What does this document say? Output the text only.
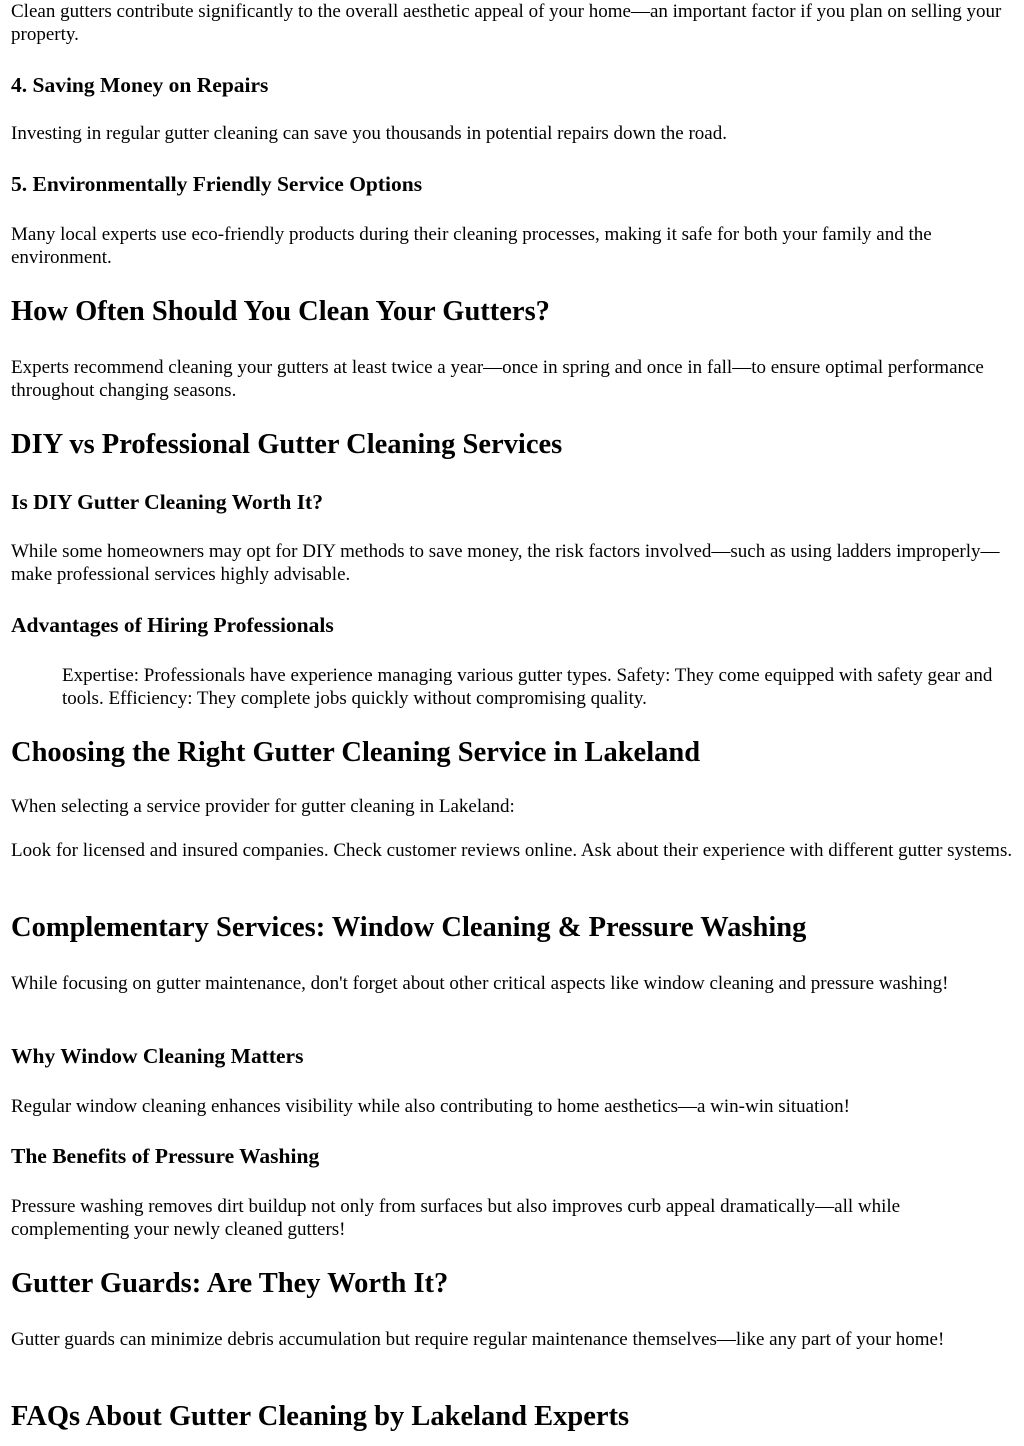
Clean gutters contribute significantly to the overall aesthetic appeal of your home—an important factor if you plan on selling your property.

4. Saving Money on Repairs

Investing in regular gutter cleaning can save you thousands in potential repairs down the road.

5. Environmentally Friendly Service Options

Many local experts use eco-friendly products during their cleaning processes, making it safe for both your family and the environment.

How Often Should You Clean Your Gutters?

Experts recommend cleaning your gutters at least twice a year—once in spring and once in fall—to ensure optimal performance throughout changing seasons.

DIY vs Professional Gutter Cleaning Services
Is DIY Gutter Cleaning Worth It?

While some homeowners may opt for DIY methods to save money, the risk factors involved—such as using ladders improperly—make professional services highly advisable.

Advantages of Hiring Professionals
Expertise: Professionals have experience managing various gutter types. Safety: They come equipped with safety gear and tools. Efficiency: They complete jobs quickly without compromising quality.
Choosing the Right Gutter Cleaning Service in Lakeland

When selecting a service provider for gutter cleaning in Lakeland:

Look for licensed and insured companies. Check customer reviews online. Ask about their experience with different gutter systems.

Complementary Services: Window Cleaning & Pressure Washing

While focusing on gutter maintenance, don't forget about other critical aspects like window cleaning and pressure washing!

Why Window Cleaning Matters

Regular window cleaning enhances visibility while also contributing to home aesthetics—a win-win situation!

The Benefits of Pressure Washing

Pressure washing removes dirt buildup not only from surfaces but also improves curb appeal dramatically—all while complementing your newly cleaned gutters!

Gutter Guards: Are They Worth It?

Gutter guards can minimize debris accumulation but require regular maintenance themselves—like any part of your home!

FAQs About Gutter Cleaning by Lakeland Experts
